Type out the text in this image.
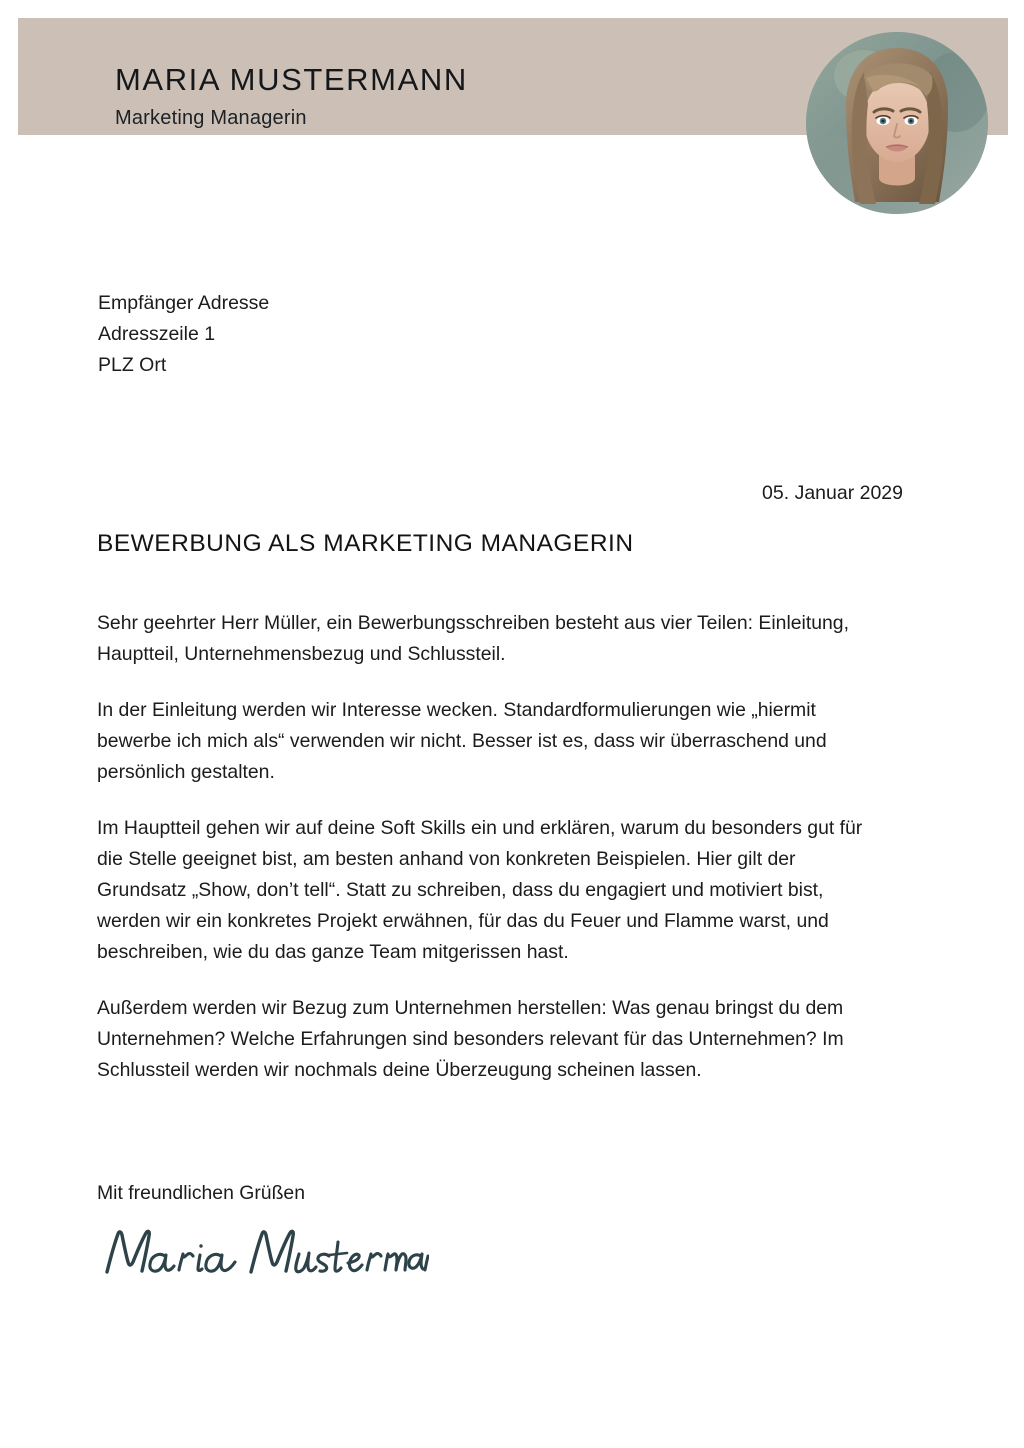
MARIA MUSTERMANN
Marketing Managerin
Empfänger Adresse
Adresszeile 1
PLZ Ort
05. Januar 2029
BEWERBUNG ALS MARKETING MANAGERIN

Sehr geehrter Herr Müller, ein Bewerbungsschreiben besteht aus vier Teilen: Einleitung, Hauptteil, Unternehmensbezug und Schlussteil.

In der Einleitung werden wir Interesse wecken. Standardformulierungen wie „hiermit bewerbe ich mich als“ verwenden wir nicht. Besser ist es, dass wir überraschend und persönlich gestalten.

Im Hauptteil gehen wir auf deine Soft Skills ein und erklären, warum du besonders gut für die Stelle geeignet bist, am besten anhand von konkreten Beispielen. Hier gilt der Grundsatz „Show, don’t tell“. Statt zu schreiben, dass du engagiert und motiviert bist, werden wir ein konkretes Projekt erwähnen, für das du Feuer und Flamme warst, und beschreiben, wie du das ganze Team mitgerissen hast.

Außerdem werden wir Bezug zum Unternehmen herstellen: Was genau bringst du dem Unternehmen? Welche Erfahrungen sind besonders relevant für das Unternehmen? Im Schlussteil werden wir nochmals deine Überzeugung scheinen lassen.

Mit freundlichen Grüßen
